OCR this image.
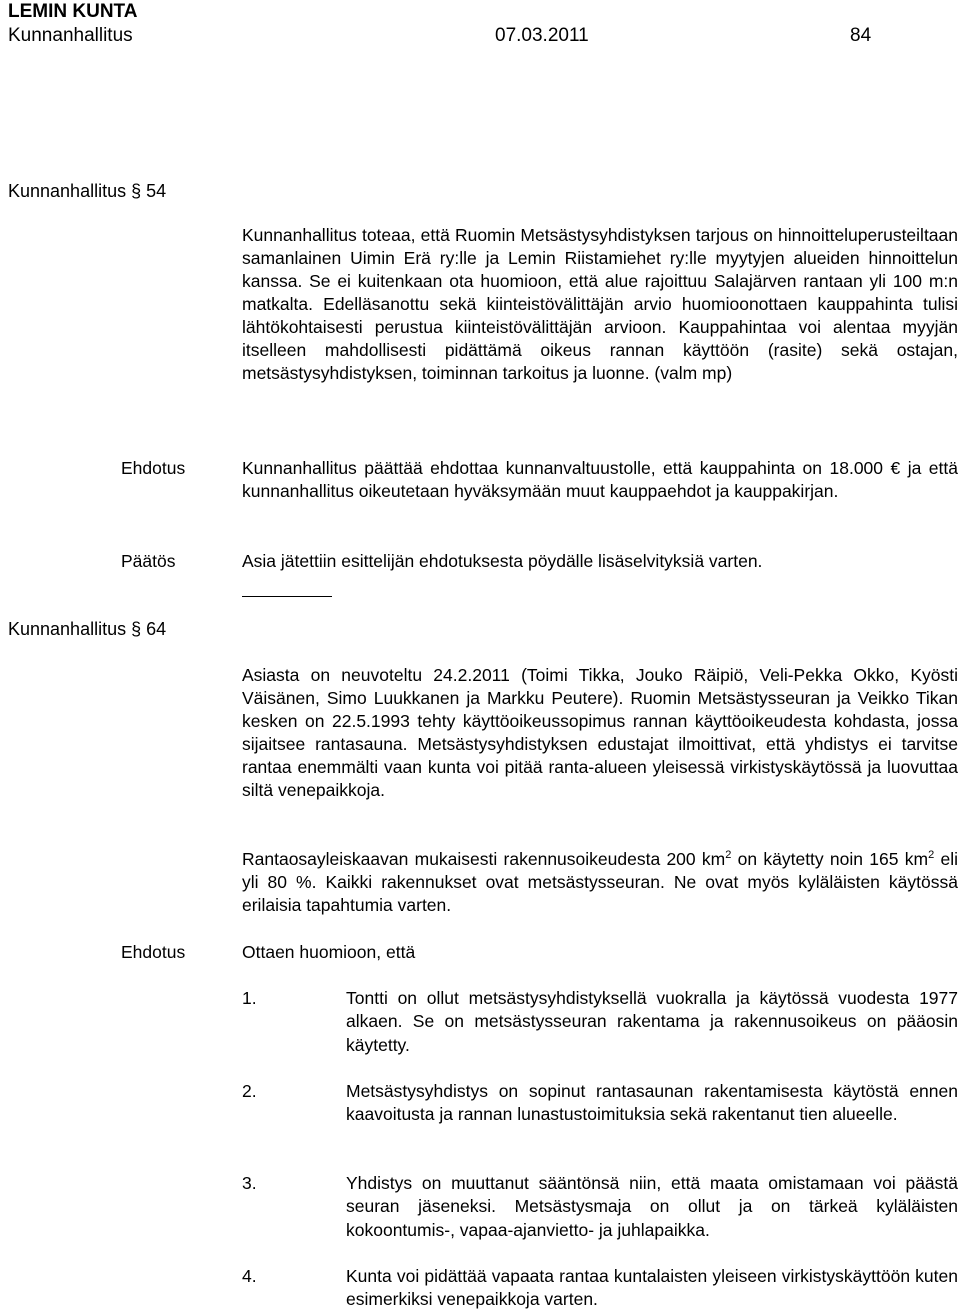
LEMIN KUNTA
Kunnanhallitus	07.03.2011	84
Kunnanhallitus § 54
Kunnanhallitus toteaa, että Ruomin Metsästysyhdistyksen tarjous on hinnoitteluperusteiltaan samanlainen Uimin Erä ry:lle ja Lemin Riistamiehet ry:lle myytyjen alueiden hinnoittelun kanssa. Se ei kuitenkaan ota huomioon, että alue rajoittuu Salajärven rantaan yli 100 m:n matkalta. Edelläsanottu sekä kiinteistövälittäjän arvio huomioonottaen kauppahinta tulisi lähtökohtaisesti perustua kiinteistövälittäjän arvioon. Kauppahintaa voi alentaa myyjän itselleen mahdollisesti pidättämä oikeus rannan käyttöön (rasite) sekä ostajan, metsästysyhdistyksen, toiminnan tarkoitus ja luonne. (valm mp)
Ehdotus	Kunnanhallitus päättää ehdottaa kunnanvaltuustolle, että kauppahinta on 18.000 € ja että kunnanhallitus oikeutetaan hyväksymään muut kauppaehdot ja kauppakirjan.
Päätös	Asia jätettiin esittelijän ehdotuksesta pöydälle lisäselvityksiä varten.
Kunnanhallitus § 64
Asiasta on neuvoteltu 24.2.2011 (Toimi Tikka, Jouko Räipiö, Veli-Pekka Okko, Kyösti Väisänen, Simo Luukkanen ja Markku Peutere). Ruomin Metsästysseuran ja Veikko Tikan kesken on 22.5.1993 tehty käyttöoikeussopimus rannan käyttöoikeudesta kohdasta, jossa sijaitsee rantasauna. Metsästysyhdistyksen edustajat ilmoittivat, että yhdistys ei tarvitse rantaa enemmälti vaan kunta voi pitää ranta-alueen yleisessä virkistyskäytössä ja luovuttaa siltä venepaikkoja.
Rantaosayleiskaavan mukaisesti rakennusoikeudesta 200 $km^2$ on käytetty noin 165 $km^2$ eli yli 80 %. Kaikki rakennukset ovat metsästysseuran. Ne ovat myös kyläläisten käytössä erilaisia tapahtumia varten.
Ehdotus	Ottaen huomioon, että
1.	Tontti on ollut metsästysyhdistyksellä vuokralla ja käytössä vuodesta 1977 alkaen. Se on metsästysseuran rakentama ja rakennusoikeus on pääosin käytetty.
2.	Metsästysyhdistys on sopinut rantasaunan rakentamisesta käytöstä ennen kaavoitusta ja rannan lunastustoimituksia sekä rakentanut tien alueelle.
3.	Yhdistys on muuttanut sääntönsä niin, että maata omistamaan voi päästä seuran jäseneksi. Metsästysmaja on ollut ja on tärkeä kyläläisten kokoontumis-, vapaa-ajanvietto- ja juhlapaikka.
4.	Kunta voi pidättää vapaata rantaa kuntalaisten yleiseen virkistyskäyttöön kuten esimerkiksi venepaikkoja varten.
